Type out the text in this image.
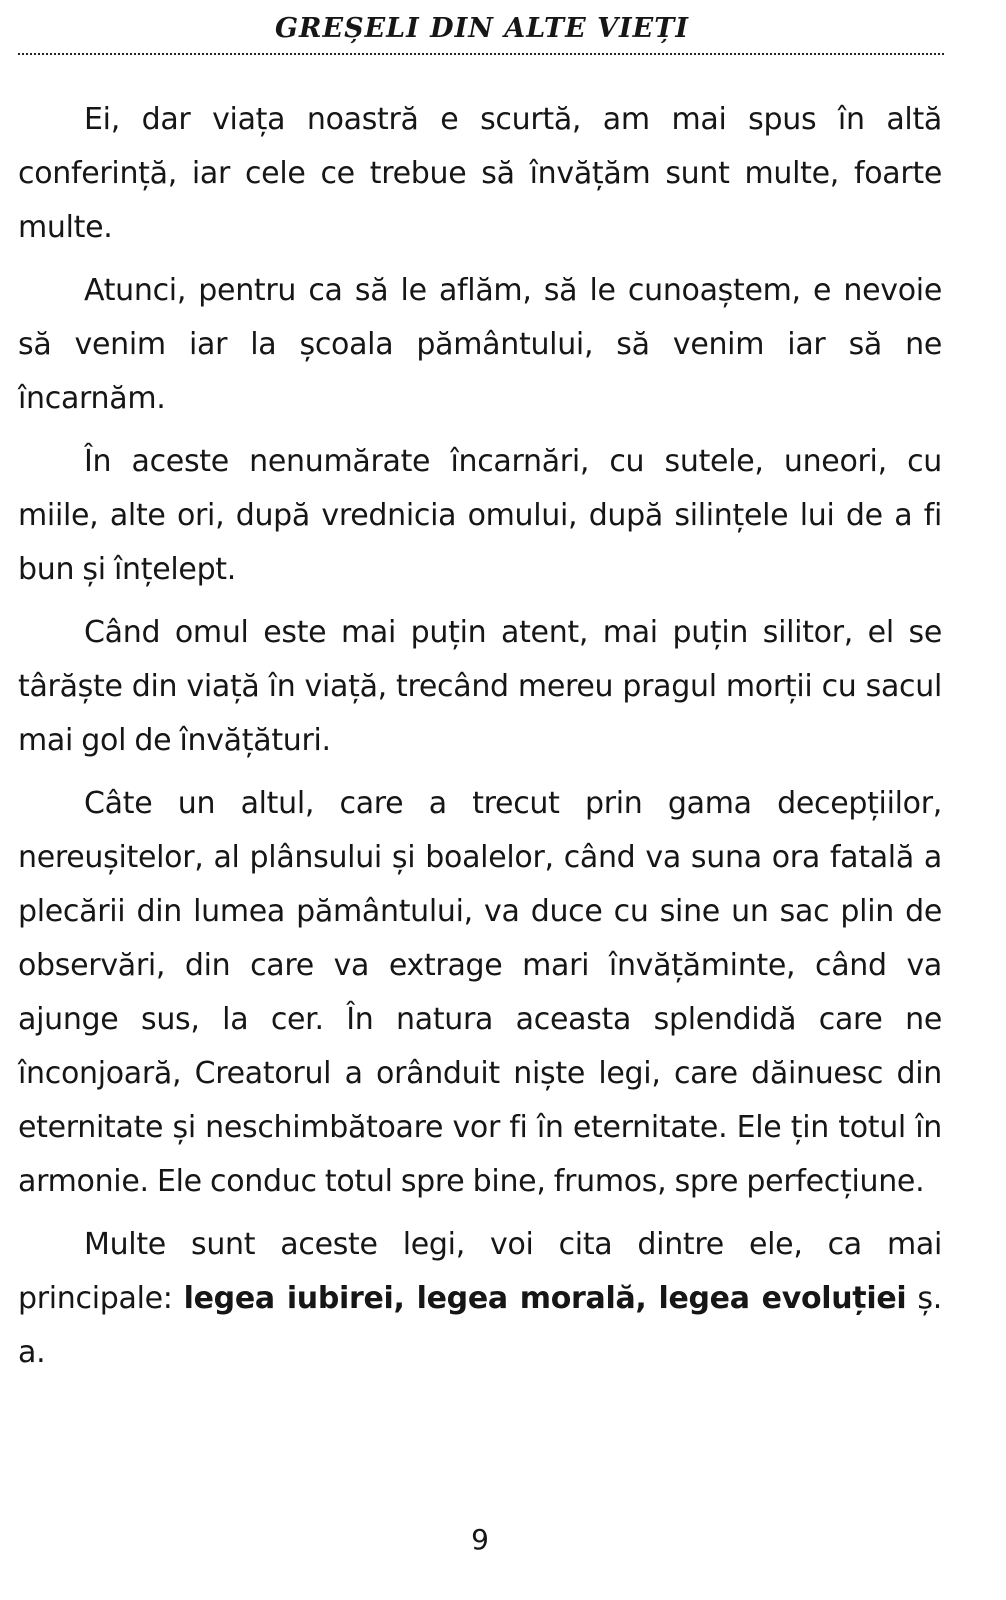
GREȘELI DIN ALTE VIEȚI

Ei, dar viața noastră e scurtă, am mai spus în altă conferință, iar cele ce trebue să învățăm sunt multe, foarte multe.

Atunci, pentru ca să le aflăm, să le cunoaștem, e nevoie să venim iar la școala pământului, să venim iar să ne încarnăm.

În aceste nenumărate încarnări, cu sutele, uneori, cu miile, alte ori, după vrednicia omului, după silințele lui de a fi bun și înțelept.

Când omul este mai puțin atent, mai puțin silitor, el se târăște din viață în viață, trecând mereu pragul morții cu sacul mai gol de învățături.

Câte un altul, care a trecut prin gama decepțiilor, nereușitelor, al plânsului și boalelor, când va suna ora fatală a plecării din lumea pământului, va duce cu sine un sac plin de observări, din care va extrage mari învățăminte, când va ajunge sus, la cer. În natura aceasta splendidă care ne înconjoară, Creatorul a orânduit niște legi, care dăinuesc din eternitate și neschimbătoare vor fi în eternitate. Ele țin totul în armonie. Ele conduc totul spre bine, frumos, spre perfecțiune.

Multe sunt aceste legi, voi cita dintre ele, ca mai principale: legea iubirei, legea morală, legea evoluției ș. a.

9
